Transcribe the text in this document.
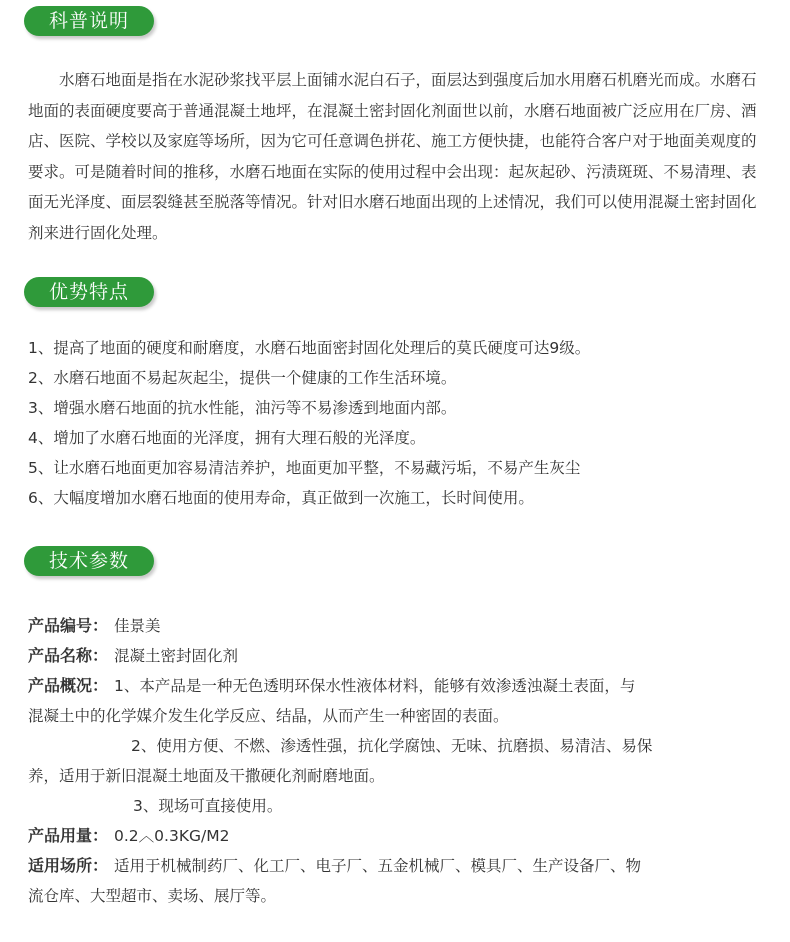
科普说明
水磨石地面是指在水泥砂浆找平层上面铺水泥白石子，面层达到强度后加水用磨石机磨光而成。水磨石地面的表面硬度要高于普通混凝土地坪，在混凝土密封固化剂面世以前，水磨石地面被广泛应用在厂房、酒店、医院、学校以及家庭等场所，因为它可任意调色拼花、施工方便快捷，也能符合客户对于地面美观度的要求。可是随着时间的推移，水磨石地面在实际的使用过程中会出现：起灰起砂、污渍斑斑、不易清理、表面无光泽度、面层裂缝甚至脱落等情况。针对旧水磨石地面出现的上述情况，我们可以使用混凝土密封固化剂来进行固化处理。
优势特点
1、提高了地面的硬度和耐磨度，水磨石地面密封固化处理后的莫氏硬度可达9级。
2、水磨石地面不易起灰起尘，提供一个健康的工作生活环境。
3、增强水磨石地面的抗水性能，油污等不易渗透到地面内部。
4、增加了水磨石地面的光泽度，拥有大理石般的光泽度。
5、让水磨石地面更加容易清洁养护，地面更加平整，不易藏污垢，不易产生灰尘
6、大幅度增加水磨石地面的使用寿命，真正做到一次施工，长时间使用。
技术参数
产品编号： 佳景美
产品名称： 混凝土密封固化剂
产品概况： 1、本产品是一种无色透明环保水性液体材料，能够有效渗透浊凝土表面，与
混凝土中的化学媒介发生化学反应、结晶，从而产生一种密固的表面。
2、使用方便、不燃、渗透性强，抗化学腐蚀、无味、抗磨损、易清洁、易保
养，适用于新旧混凝土地面及干撒硬化剂耐磨地面。
3、现场可直接使用。
产品用量： 0.2︿0.3KG/M2
适用场所： 适用于机械制药厂、化工厂、电子厂、五金机械厂、模具厂、生产设备厂、物
流仓库、大型超市、卖场、展厅等。
